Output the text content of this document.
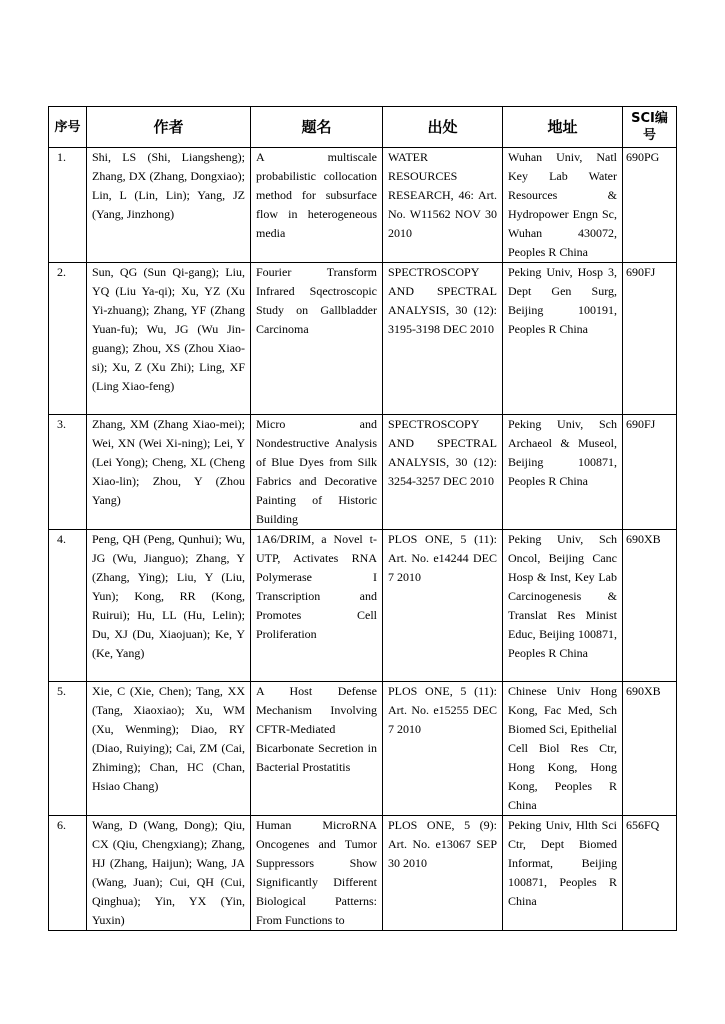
序号	作者	题名	出处	地址	SCI编号
1.	Shi, LS (Shi, Liangsheng); Zhang, DX (Zhang, Dongxiao); Lin, L (Lin, Lin); Yang, JZ (Yang, Jinzhong)	A multiscale probabilistic collocation method for subsurface flow in heterogeneous media	WATER RESOURCES RESEARCH, 46: Art. No. W11562 NOV 30 2010	Wuhan Univ, Natl Key Lab Water Resources & Hydropower Engn Sc, Wuhan 430072, Peoples R China	690PG
2.	Sun, QG (Sun Qi-gang); Liu, YQ (Liu Ya-qi); Xu, YZ (Xu Yi-zhuang); Zhang, YF (Zhang Yuan-fu); Wu, JG (Wu Jin-guang); Zhou, XS (Zhou Xiao-si); Xu, Z (Xu Zhi); Ling, XF (Ling Xiao-feng)	Fourier Transform Infrared Sqectroscopic Study on Gallbladder Carcinoma	SPECTROSCOPY AND SPECTRAL ANALYSIS, 30 (12): 3195-3198 DEC 2010	Peking Univ, Hosp 3, Dept Gen Surg, Beijing 100191, Peoples R China	690FJ
3.	Zhang, XM (Zhang Xiao-mei); Wei, XN (Wei Xi-ning); Lei, Y (Lei Yong); Cheng, XL (Cheng Xiao-lin); Zhou, Y (Zhou Yang)	Micro and Nondestructive Analysis of Blue Dyes from Silk Fabrics and Decorative Painting of Historic Building	SPECTROSCOPY AND SPECTRAL ANALYSIS, 30 (12): 3254-3257 DEC 2010	Peking Univ, Sch Archaeol & Museol, Beijing 100871, Peoples R China	690FJ
4.	Peng, QH (Peng, Qunhui); Wu, JG (Wu, Jianguo); Zhang, Y (Zhang, Ying); Liu, Y (Liu, Yun); Kong, RR (Kong, Ruirui); Hu, LL (Hu, Lelin); Du, XJ (Du, Xiaojuan); Ke, Y (Ke, Yang)	1A6/DRIM, a Novel t-UTP, Activates RNA Polymerase I Transcription and Promotes Cell Proliferation	PLOS ONE, 5 (11): Art. No. e14244 DEC 7 2010	Peking Univ, Sch Oncol, Beijing Canc Hosp & Inst, Key Lab Carcinogenesis & Translat Res Minist Educ, Beijing 100871, Peoples R China	690XB
5.	Xie, C (Xie, Chen); Tang, XX (Tang, Xiaoxiao); Xu, WM (Xu, Wenming); Diao, RY (Diao, Ruiying); Cai, ZM (Cai, Zhiming); Chan, HC (Chan, Hsiao Chang)	A Host Defense Mechanism Involving CFTR-Mediated Bicarbonate Secretion in Bacterial Prostatitis	PLOS ONE, 5 (11): Art. No. e15255 DEC 7 2010	Chinese Univ Hong Kong, Fac Med, Sch Biomed Sci, Epithelial Cell Biol Res Ctr, Hong Kong, Hong Kong, Peoples R China	690XB
6.	Wang, D (Wang, Dong); Qiu, CX (Qiu, Chengxiang); Zhang, HJ (Zhang, Haijun); Wang, JA (Wang, Juan); Cui, QH (Cui, Qinghua); Yin, YX (Yin, Yuxin)	Human MicroRNA Oncogenes and Tumor Suppressors Show Significantly Different Biological Patterns: From Functions to	PLOS ONE, 5 (9): Art. No. e13067 SEP 30 2010	Peking Univ, Hlth Sci Ctr, Dept Biomed Informat, Beijing 100871, Peoples R China	656FQ
